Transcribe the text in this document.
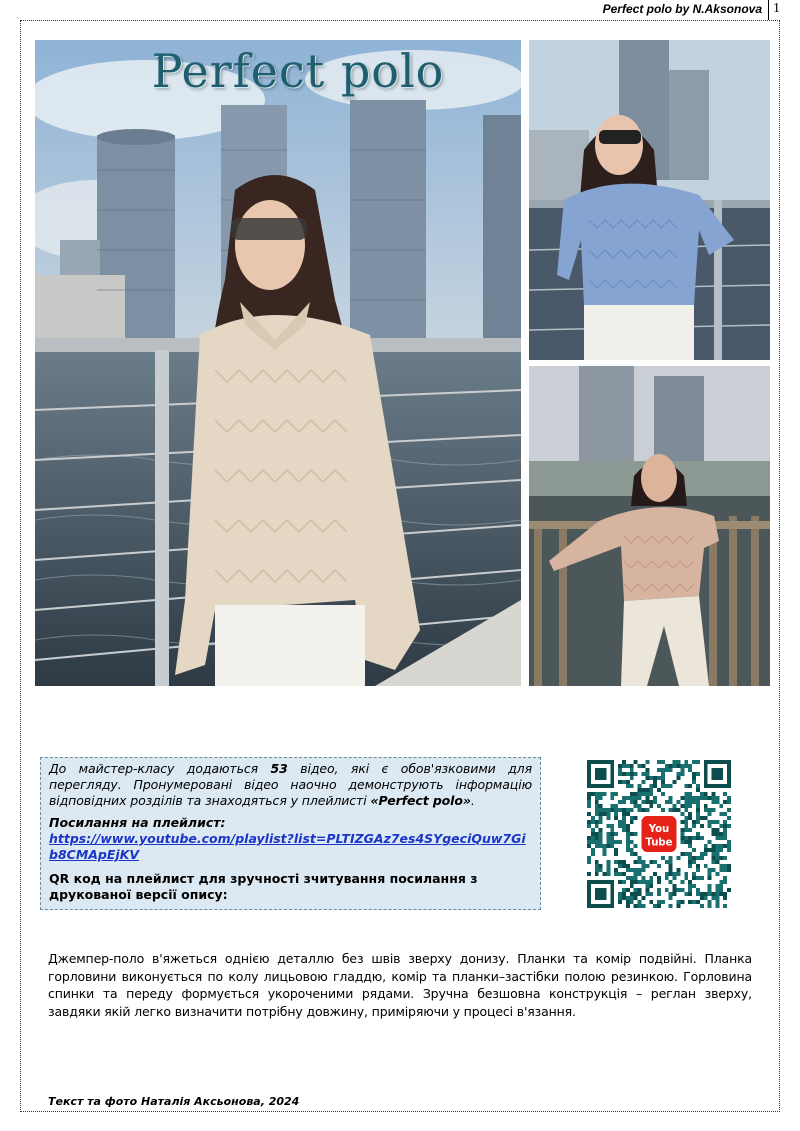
Perfect polo by N.Aksonova 1
Perfect polo

До майстер-класу додаються 53 відео, які є обов'язковими для перегляду. Пронумеровані відео наочно демонструють інформацію відповідних розділів та знаходяться у плейлисті «Perfect polo».

Посилання на плейлист:

https://www.youtube.com/playlist?list=PLTIZGAz7es4SYgeciQuw7Gib8CMApEjKV

QR код на плейлист для зручності зчитування посилання з друкованої версії опису:

You
Tube

Джемпер-поло в'яжеться однією деталлю без швів зверху донизу. Планки та комір подвійні. Планка горловини виконується по колу лицьовою гладдю, комір та планки–застібки полою резинкою. Горловина спинки та переду формується укороченими рядами. Зручна безшовна конструкція – реглан зверху, завдяки якій легко визначити потрібну довжину, приміряючи у процесі в'язання.

Текст та фото Наталія Аксьонова, 2024
